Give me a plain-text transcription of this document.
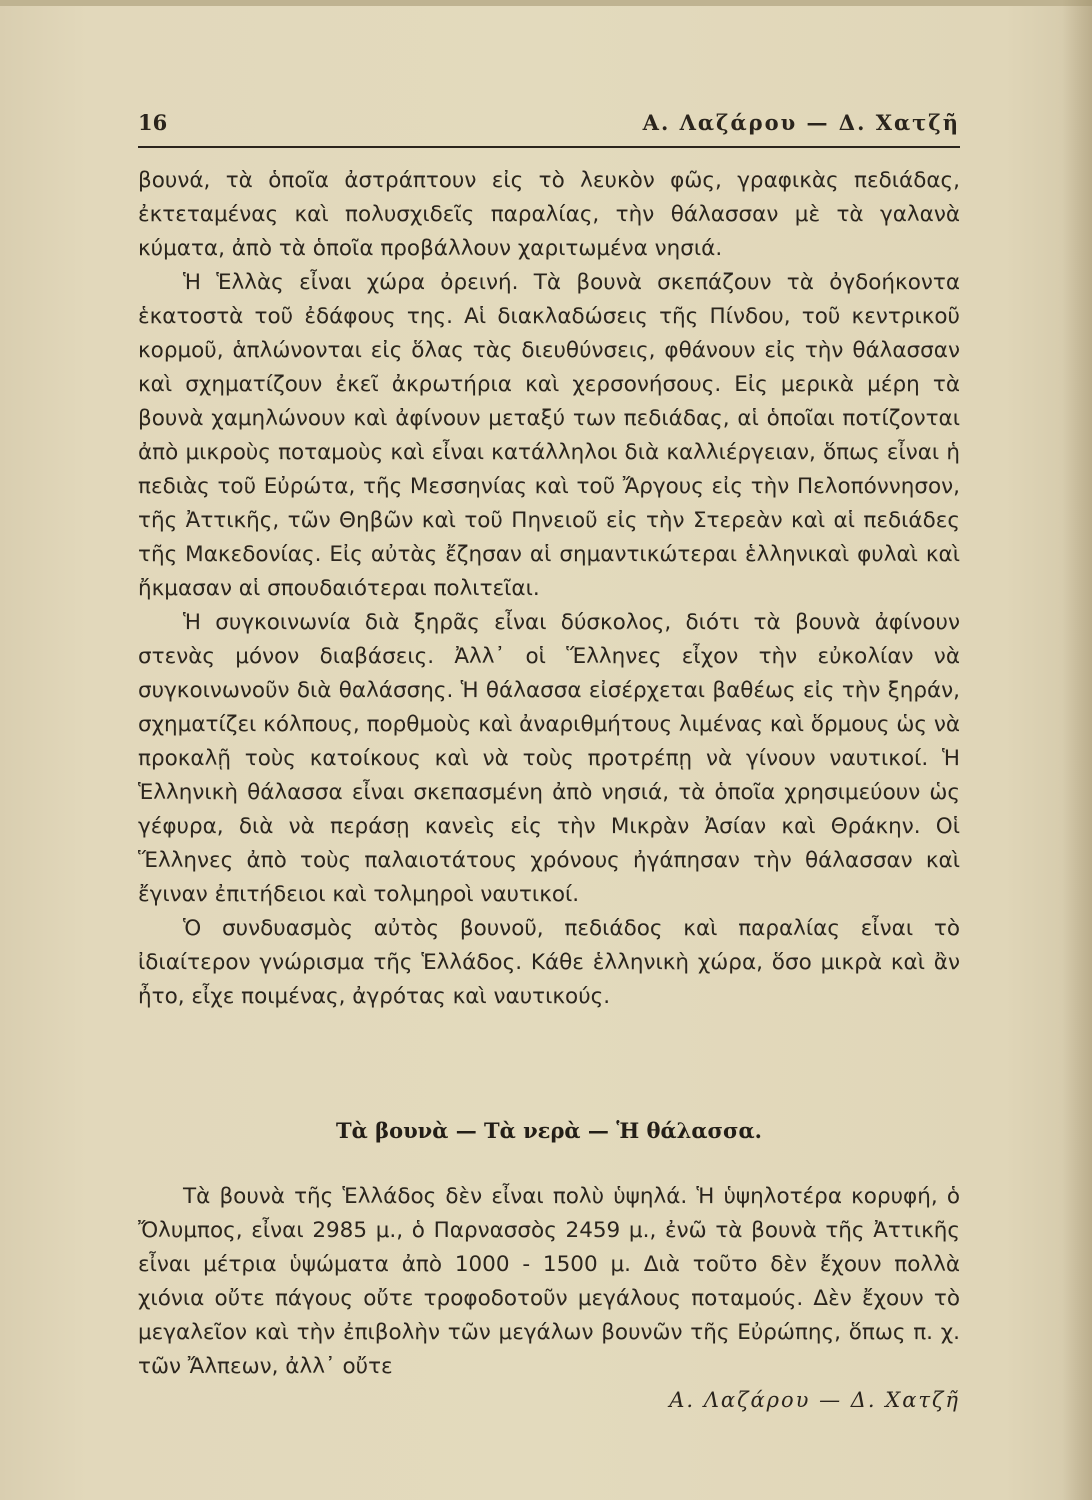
16	Α. Λαζάρου — Δ. Χατζῆ

βουνά, τὰ ὁποῖα ἀστράπτουν εἰς τὸ λευκὸν φῶς, γραφικὰς πεδιάδας, ἐκτεταμένας καὶ πολυσχιδεῖς παραλίας, τὴν θάλασσαν μὲ τὰ γαλανὰ κύματα, ἀπὸ τὰ ὁποῖα προβάλλουν χαριτωμένα νησιά.

Ἡ Ἑλλὰς εἶναι χώρα ὀρεινή. Τὰ βουνὰ σκεπάζουν τὰ ὀγδοήκοντα ἑκατοστὰ τοῦ ἐδάφους της. Αἱ διακλαδώσεις τῆς Πίνδου, τοῦ κεντρικοῦ κορμοῦ, ἁπλώνονται εἰς ὅλας τὰς διευθύνσεις, φθάνουν εἰς τὴν θάλασσαν καὶ σχηματίζουν ἐκεῖ ἀκρωτήρια καὶ χερσονήσους. Εἰς μερικὰ μέρη τὰ βουνὰ χαμηλώνουν καὶ ἀφίνουν μεταξύ των πεδιάδας, αἱ ὁποῖαι ποτίζονται ἀπὸ μικροὺς ποταμοὺς καὶ εἶναι κατάλληλοι διὰ καλλιέργειαν, ὅπως εἶναι ἡ πεδιὰς τοῦ Εὐρώτα, τῆς Μεσσηνίας καὶ τοῦ Ἄργους εἰς τὴν Πελοπόννησον, τῆς Ἀττικῆς, τῶν Θηβῶν καὶ τοῦ Πηνειοῦ εἰς τὴν Στερεὰν καὶ αἱ πεδιάδες τῆς Μακεδονίας. Εἰς αὐτὰς ἔζησαν αἱ σημαντικώτεραι ἑλληνικαὶ φυλαὶ καὶ ἤκμασαν αἱ σπουδαιότεραι πολιτεῖαι.

Ἡ συγκοινωνία διὰ ξηρᾶς εἶναι δύσκολος, διότι τὰ βουνὰ ἀφίνουν στενὰς μόνον διαβάσεις. Ἀλλ᾽ οἱ Ἕλληνες εἶχον τὴν εὐκολίαν νὰ συγκοινωνοῦν διὰ θαλάσσης. Ἡ θάλασσα εἰσέρχεται βαθέως εἰς τὴν ξηράν, σχηματίζει κόλπους, πορθμοὺς καὶ ἀναριθμήτους λιμένας καὶ ὅρμους ὡς νὰ προκαλῇ τοὺς κατοίκους καὶ νὰ τοὺς προτρέπῃ νὰ γίνουν ναυτικοί. Ἡ Ἑλληνικὴ θάλασσα εἶναι σκεπασμένη ἀπὸ νησιά, τὰ ὁποῖα χρησιμεύουν ὡς γέφυρα, διὰ νὰ περάσῃ κανεὶς εἰς τὴν Μικρὰν Ἀσίαν καὶ Θράκην. Οἱ Ἕλληνες ἀπὸ τοὺς παλαιοτάτους χρόνους ἠγάπησαν τὴν θάλασσαν καὶ ἔγιναν ἐπιτήδειοι καὶ τολμηροὶ ναυτικοί.

Ὁ συνδυασμὸς αὐτὸς βουνοῦ, πεδιάδος καὶ παραλίας εἶναι τὸ ἰδιαίτερον γνώρισμα τῆς Ἑλλάδος. Κάθε ἑλληνικὴ χώρα, ὅσο μικρὰ καὶ ἂν ἦτο, εἶχε ποιμένας, ἀγρότας καὶ ναυτικούς.

Τὰ βουνὰ — Τὰ νερὰ — Ἡ θάλασσα.

Τὰ βουνὰ τῆς Ἑλλάδος δὲν εἶναι πολὺ ὑψηλά. Ἡ ὑψηλοτέρα κορυφή, ὁ Ὄλυμπος, εἶναι 2985 μ., ὁ Παρνασσὸς 2459 μ., ἐνῶ τὰ βουνὰ τῆς Ἀττικῆς εἶναι μέτρια ὑψώματα ἀπὸ 1000 - 1500 μ. Διὰ τοῦτο δὲν ἔχουν πολλὰ χιόνια οὔτε πάγους οὔτε τροφοδοτοῦν μεγάλους ποταμούς. Δὲν ἔχουν τὸ μεγαλεῖον καὶ τὴν ἐπιβολὴν τῶν μεγάλων βουνῶν τῆς Εὐρώπης, ὅπως π. χ. τῶν Ἄλπεων, ἀλλ᾽ οὔτε

Α. Λαζάρου — Δ. Χατζῆ
